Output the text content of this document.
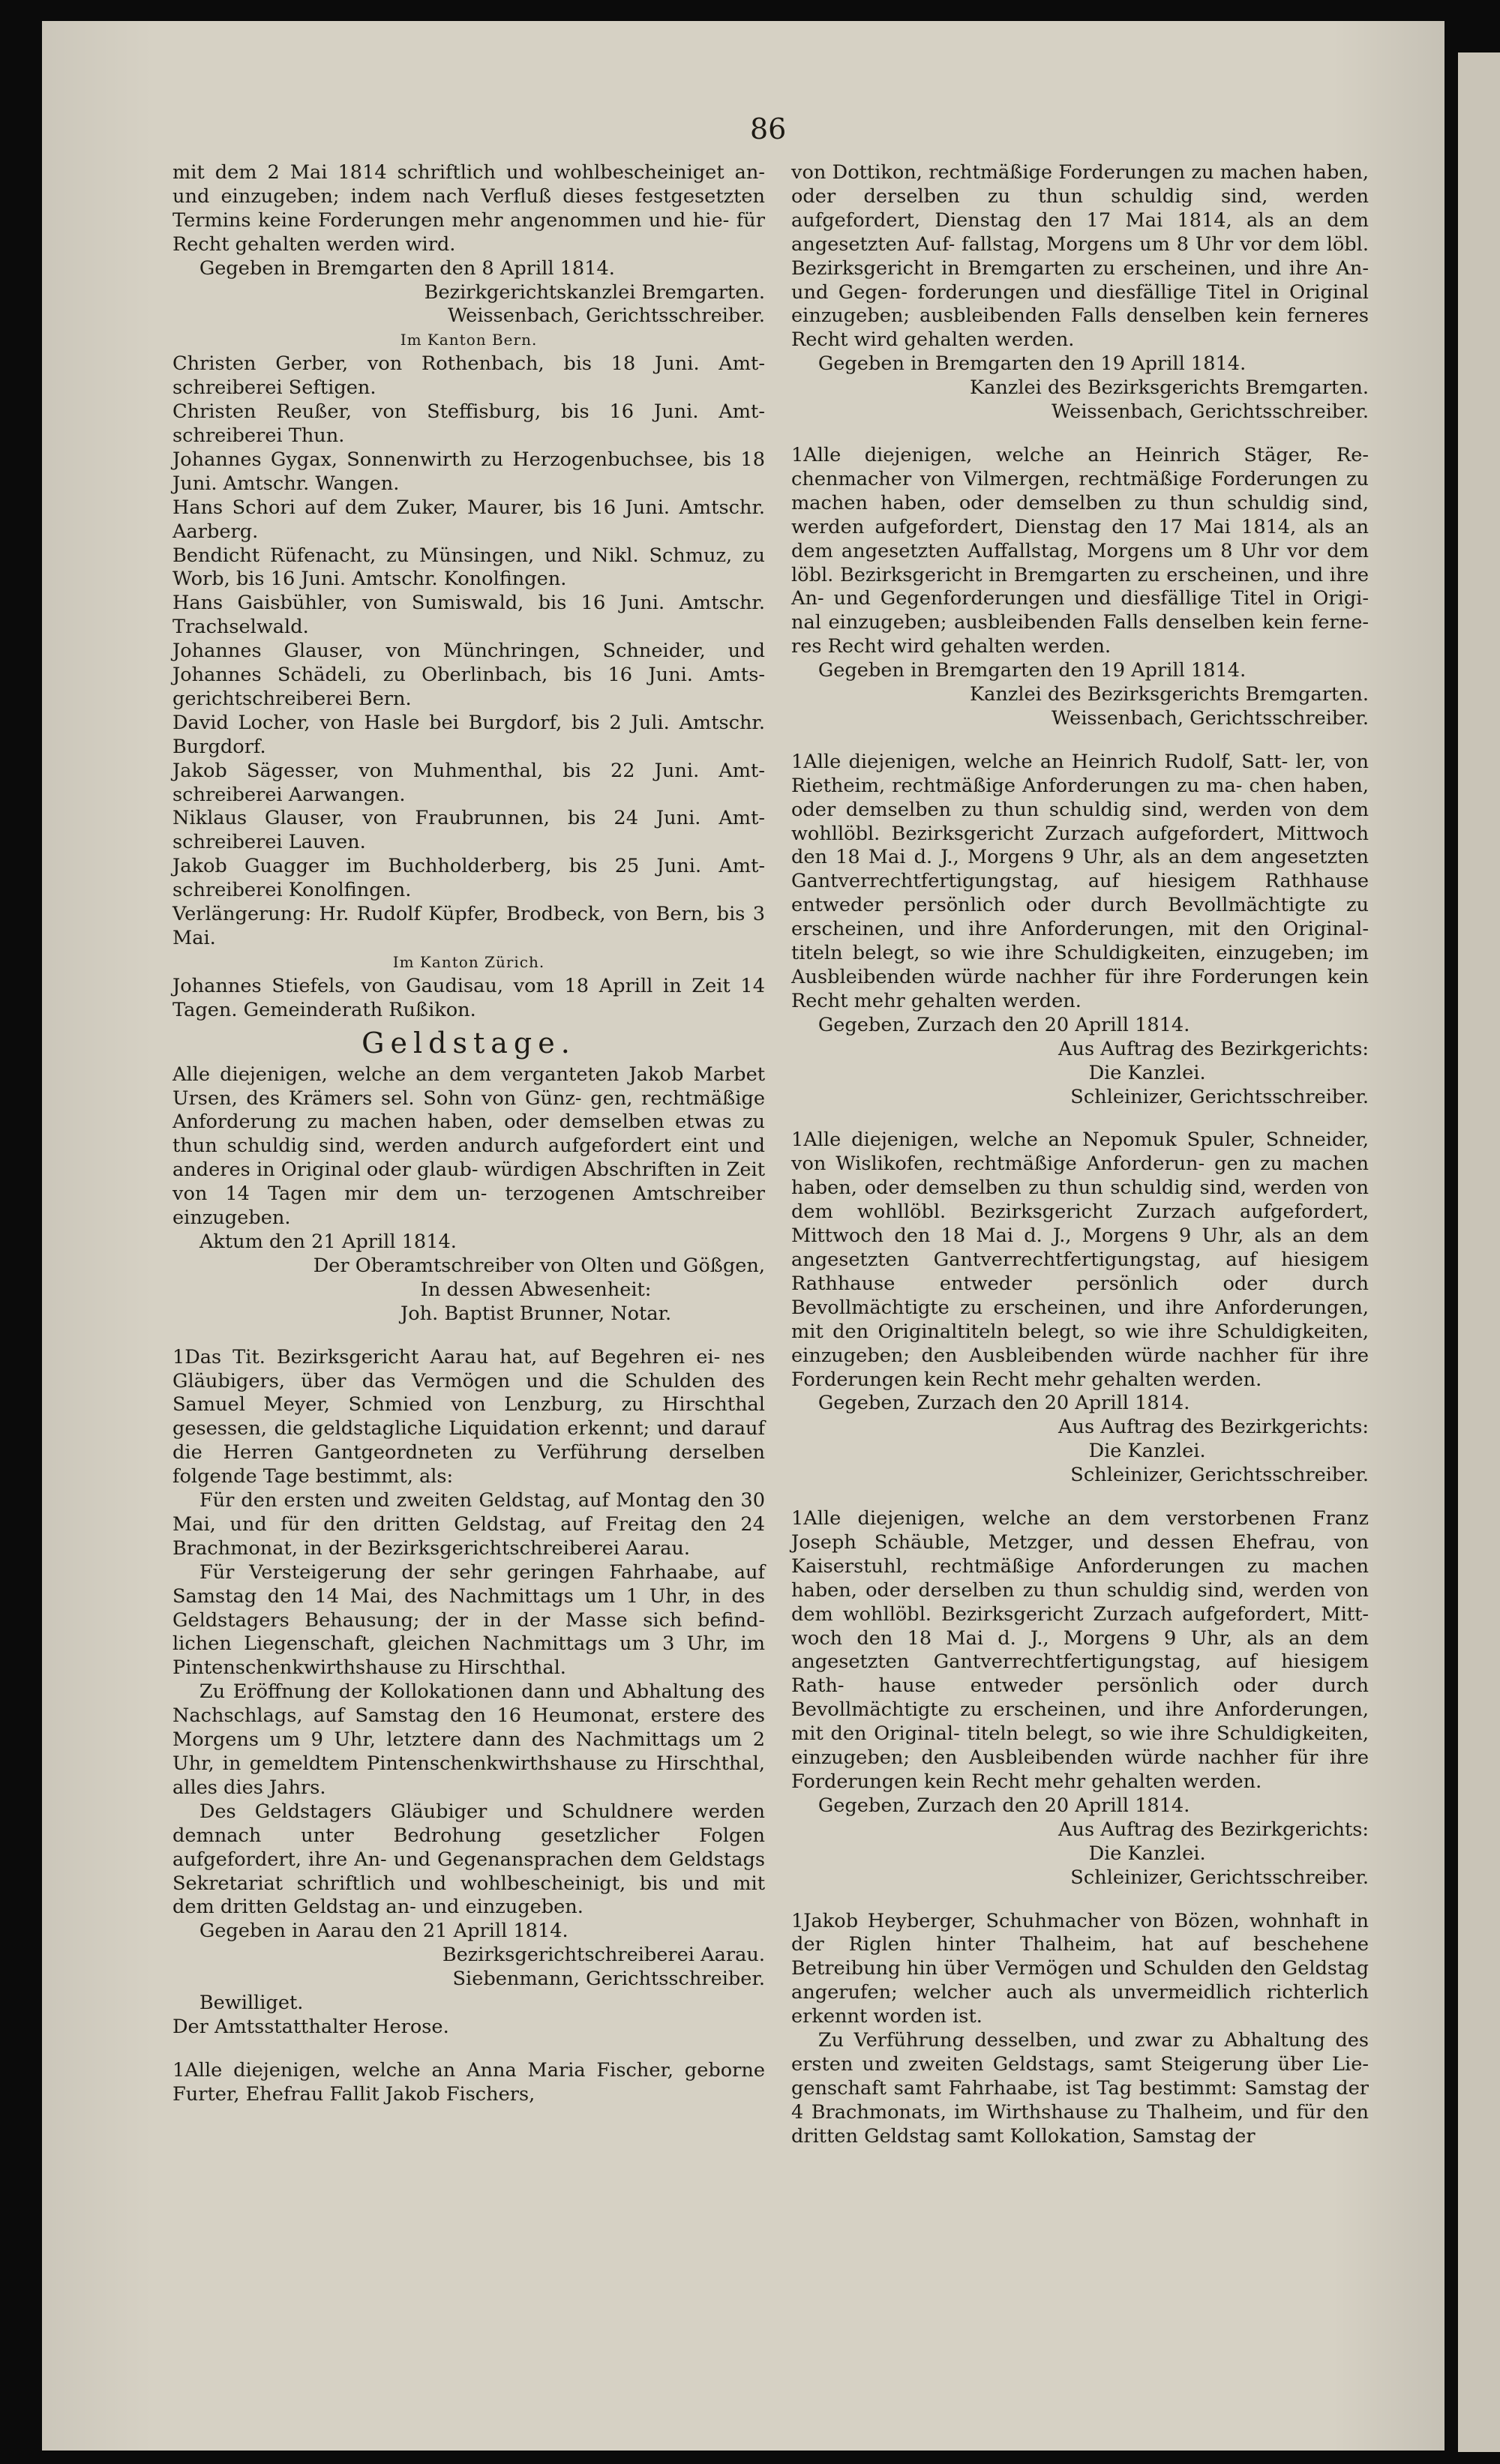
86

mit dem 2 Mai 1814 schriftlich und wohlbescheiniget an- und einzugeben; indem nach Verfluß dieses festgesetzten Termins keine Forderungen mehr angenommen und hie- für Recht gehalten werden wird.

Gegeben in Bremgarten den 8 Aprill 1814.

Bezirkgerichtskanzlei Bremgarten.

Weissenbach, Gerichtsschreiber.

Im Kanton Bern.

Christen Gerber, von Rothenbach, bis 18 Juni. Amt- schreiberei Seftigen.

Christen Reußer, von Steffisburg, bis 16 Juni. Amt- schreiberei Thun.

Johannes Gygax, Sonnenwirth zu Herzogenbuchsee, bis 18 Juni. Amtschr. Wangen.

Hans Schori auf dem Zuker, Maurer, bis 16 Juni. Amtschr. Aarberg.

Bendicht Rüfenacht, zu Münsingen, und Nikl. Schmuz, zu Worb, bis 16 Juni. Amtschr. Konolfingen.

Hans Gaisbühler, von Sumiswald, bis 16 Juni. Amtschr. Trachselwald.

Johannes Glauser, von Münchringen, Schneider, und Johannes Schädeli, zu Oberlinbach, bis 16 Juni. Amts- gerichtschreiberei Bern.

David Locher, von Hasle bei Burgdorf, bis 2 Juli. Amtschr. Burgdorf.

Jakob Sägesser, von Muhmenthal, bis 22 Juni. Amt- schreiberei Aarwangen.

Niklaus Glauser, von Fraubrunnen, bis 24 Juni. Amt- schreiberei Lauven.

Jakob Guagger im Buchholderberg, bis 25 Juni. Amt- schreiberei Konolfingen.

Verlängerung: Hr. Rudolf Küpfer, Brodbeck, von Bern, bis 3 Mai.

Im Kanton Zürich.

Johannes Stiefels, von Gaudisau, vom 18 Aprill in Zeit 14 Tagen. Gemeinderath Rußikon.

Geldstage.

Alle diejenigen, welche an dem verganteten Jakob Marbet Ursen, des Krämers sel. Sohn von Günz- gen, rechtmäßige Anforderung zu machen haben, oder demselben etwas zu thun schuldig sind, werden andurch aufgefordert eint und anderes in Original oder glaub- würdigen Abschriften in Zeit von 14 Tagen mir dem un- terzogenen Amtschreiber einzugeben.

Aktum den 21 Aprill 1814.

Der Oberamtschreiber von Olten und Gößgen,

In dessen Abwesenheit:

Joh. Baptist Brunner, Notar.

1Das Tit. Bezirksgericht Aarau hat, auf Begehren ei- nes Gläubigers, über das Vermögen und die Schulden des Samuel Meyer, Schmied von Lenzburg, zu Hirschthal gesessen, die geldstagliche Liquidation erkennt; und darauf die Herren Gantgeordneten zu Verführung derselben folgende Tage bestimmt, als:

Für den ersten und zweiten Geldstag, auf Montag den 30 Mai, und für den dritten Geldstag, auf Freitag den 24 Brachmonat, in der Bezirksgerichtschreiberei Aarau.

Für Versteigerung der sehr geringen Fahrhaabe, auf Samstag den 14 Mai, des Nachmittags um 1 Uhr, in des Geldstagers Behausung; der in der Masse sich befind- lichen Liegenschaft, gleichen Nachmittags um 3 Uhr, im Pintenschenkwirthshause zu Hirschthal.

Zu Eröffnung der Kollokationen dann und Abhaltung des Nachschlags, auf Samstag den 16 Heumonat, erstere des Morgens um 9 Uhr, letztere dann des Nachmittags um 2 Uhr, in gemeldtem Pintenschenkwirthshause zu Hirschthal, alles dies Jahrs.

Des Geldstagers Gläubiger und Schuldnere werden demnach unter Bedrohung gesetzlicher Folgen aufgefordert, ihre An- und Gegenansprachen dem Geldstags Sekretariat schriftlich und wohlbescheinigt, bis und mit dem dritten Geldstag an- und einzugeben.

Gegeben in Aarau den 21 Aprill 1814.

Bezirksgerichtschreiberei Aarau.

Siebenmann, Gerichtsschreiber.

Bewilliget.

Der Amtsstatthalter Herose.

1Alle diejenigen, welche an Anna Maria Fischer, geborne Furter, Ehefrau Fallit Jakob Fischers,

von Dottikon, rechtmäßige Forderungen zu machen haben, oder derselben zu thun schuldig sind, werden aufgefordert, Dienstag den 17 Mai 1814, als an dem angesetzten Auf- fallstag, Morgens um 8 Uhr vor dem löbl. Bezirksgericht in Bremgarten zu erscheinen, und ihre An- und Gegen- forderungen und diesfällige Titel in Original einzugeben; ausbleibenden Falls denselben kein ferneres Recht wird gehalten werden.

Gegeben in Bremgarten den 19 Aprill 1814.

Kanzlei des Bezirksgerichts Bremgarten.

Weissenbach, Gerichtsschreiber.

1Alle diejenigen, welche an Heinrich Stäger, Re- chenmacher von Vilmergen, rechtmäßige Forderungen zu machen haben, oder demselben zu thun schuldig sind, werden aufgefordert, Dienstag den 17 Mai 1814, als an dem angesetzten Auffallstag, Morgens um 8 Uhr vor dem löbl. Bezirksgericht in Bremgarten zu erscheinen, und ihre An- und Gegenforderungen und diesfällige Titel in Origi- nal einzugeben; ausbleibenden Falls denselben kein ferne- res Recht wird gehalten werden.

Gegeben in Bremgarten den 19 Aprill 1814.

Kanzlei des Bezirksgerichts Bremgarten.

Weissenbach, Gerichtsschreiber.

1Alle diejenigen, welche an Heinrich Rudolf, Satt- ler, von Rietheim, rechtmäßige Anforderungen zu ma- chen haben, oder demselben zu thun schuldig sind, werden von dem wohllöbl. Bezirksgericht Zurzach aufgefordert, Mittwoch den 18 Mai d. J., Morgens 9 Uhr, als an dem angesetzten Gantverrechtfertigungstag, auf hiesigem Rathhause entweder persönlich oder durch Bevollmächtigte zu erscheinen, und ihre Anforderungen, mit den Original- titeln belegt, so wie ihre Schuldigkeiten, einzugeben; im Ausbleibenden würde nachher für ihre Forderungen kein Recht mehr gehalten werden.

Gegeben, Zurzach den 20 Aprill 1814.

Aus Auftrag des Bezirkgerichts:

Die Kanzlei.

Schleinizer, Gerichtsschreiber.

1Alle diejenigen, welche an Nepomuk Spuler, Schneider, von Wislikofen, rechtmäßige Anforderun- gen zu machen haben, oder demselben zu thun schuldig sind, werden von dem wohllöbl. Bezirksgericht Zurzach aufgefordert, Mittwoch den 18 Mai d. J., Morgens 9 Uhr, als an dem angesetzten Gantverrechtfertigungstag, auf hiesigem Rathhause entweder persönlich oder durch Bevollmächtigte zu erscheinen, und ihre Anforderungen, mit den Originaltiteln belegt, so wie ihre Schuldigkeiten, einzugeben; den Ausbleibenden würde nachher für ihre Forderungen kein Recht mehr gehalten werden.

Gegeben, Zurzach den 20 Aprill 1814.

Aus Auftrag des Bezirkgerichts:

Die Kanzlei.

Schleinizer, Gerichtsschreiber.

1Alle diejenigen, welche an dem verstorbenen Franz Joseph Schäuble, Metzger, und dessen Ehefrau, von Kaiserstuhl, rechtmäßige Anforderungen zu machen haben, oder derselben zu thun schuldig sind, werden von dem wohllöbl. Bezirksgericht Zurzach aufgefordert, Mitt- woch den 18 Mai d. J., Morgens 9 Uhr, als an dem angesetzten Gantverrechtfertigungstag, auf hiesigem Rath- hause entweder persönlich oder durch Bevollmächtigte zu erscheinen, und ihre Anforderungen, mit den Original- titeln belegt, so wie ihre Schuldigkeiten, einzugeben; den Ausbleibenden würde nachher für ihre Forderungen kein Recht mehr gehalten werden.

Gegeben, Zurzach den 20 Aprill 1814.

Aus Auftrag des Bezirkgerichts:

Die Kanzlei.

Schleinizer, Gerichtsschreiber.

1Jakob Heyberger, Schuhmacher von Bözen, wohnhaft in der Riglen hinter Thalheim, hat auf beschehene Betreibung hin über Vermögen und Schulden den Geldstag angerufen; welcher auch als unvermeidlich richterlich erkennt worden ist.

Zu Verführung desselben, und zwar zu Abhaltung des ersten und zweiten Geldstags, samt Steigerung über Lie- genschaft samt Fahrhaabe, ist Tag bestimmt: Samstag der 4 Brachmonats, im Wirthshause zu Thalheim, und für den dritten Geldstag samt Kollokation, Samstag der
